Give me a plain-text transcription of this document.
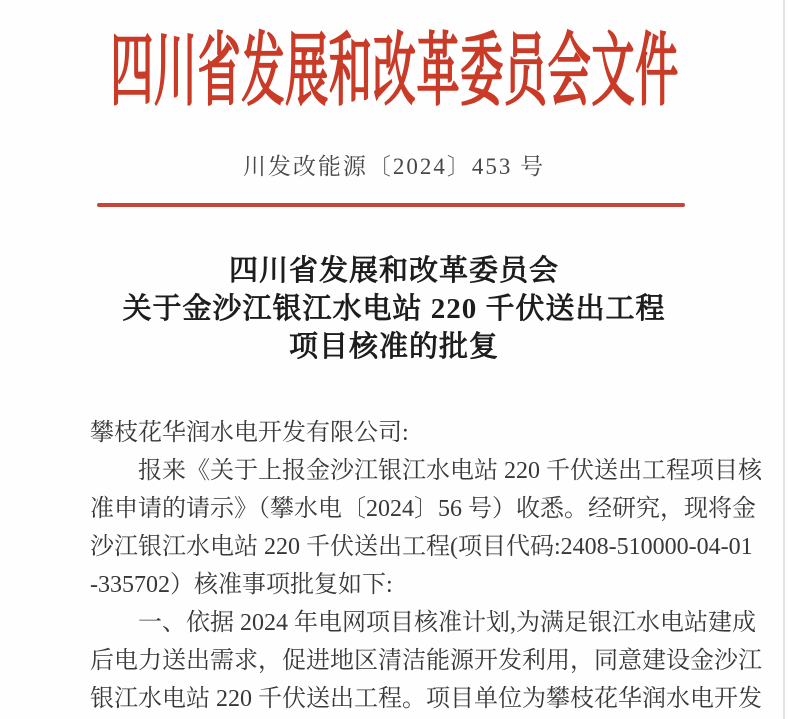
四川省发展和改革委员会文件
川发改能源〔2024〕453 号
四川省发展和改革委员会
关于金沙江银江水电站 220 千伏送出工程
项目核准的批复
攀枝花华润水电开发有限公司:
报来《关于上报金沙江银江水电站 220 千伏送出工程项目核
准申请的请示》（攀水电〔2024〕56 号）收悉。经研究，现将金
沙江银江水电站 220 千伏送出工程(项目代码:2408-510000-04-01
-335702）核准事项批复如下:
一、依据 2024 年电网项目核准计划,为满足银江水电站建成
后电力送出需求，促进地区清洁能源开发利用，同意建设金沙江
银江水电站 220 千伏送出工程。项目单位为攀枝花华润水电开发
